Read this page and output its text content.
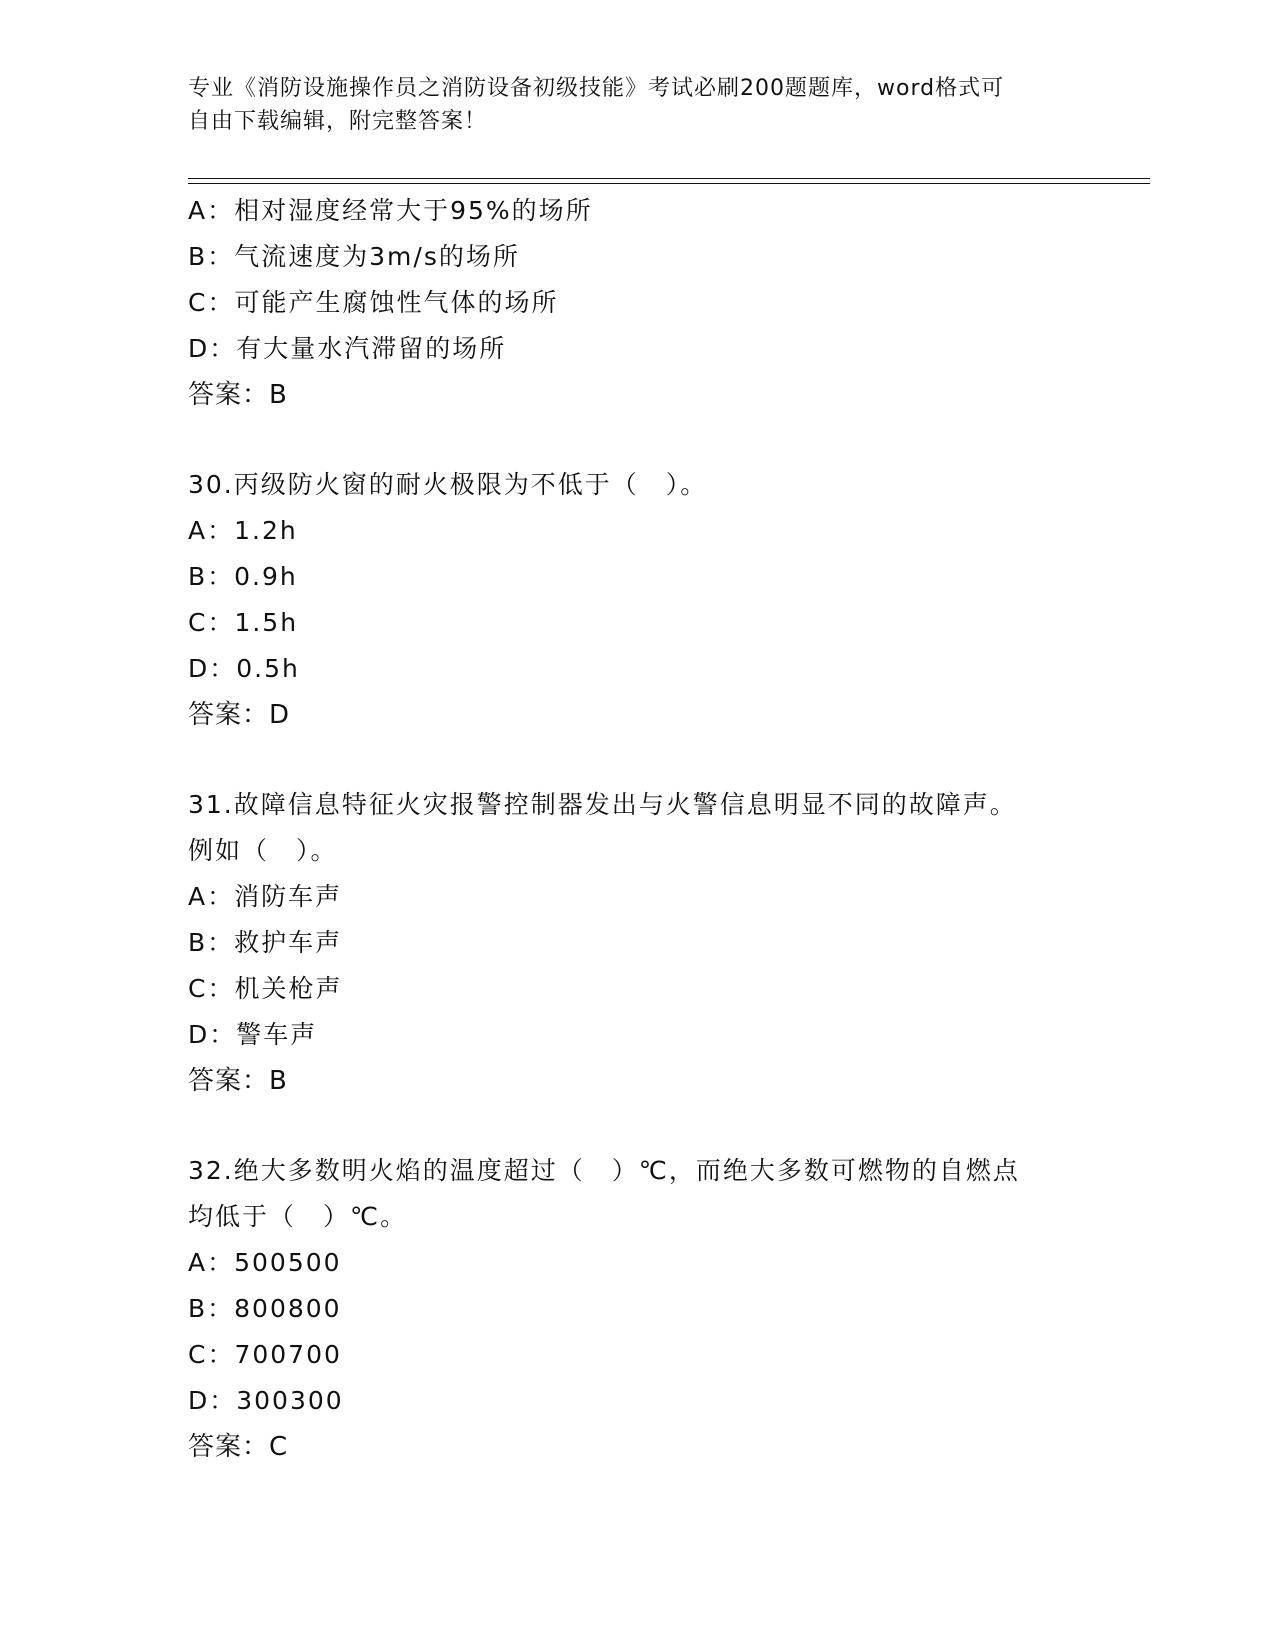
专业《消防设施操作员之消防设备初级技能》考试必刷200题题库，word格式可
自由下载编辑，附完整答案！
A：相对湿度经常大于95%的场所
B：气流速度为3m/s的场所
C：可能产生腐蚀性气体的场所
D：有大量水汽滞留的场所
答案：B
30.丙级防火窗的耐火极限为不低于（　）。
A：1.2h
B：0.9h
C：1.5h
D：0.5h
答案：D
31.故障信息特征火灾报警控制器发出与火警信息明显不同的故障声。
例如（　）。
A：消防车声
B：救护车声
C：机关枪声
D：警车声
答案：B
32.绝大多数明火焰的温度超过（　）℃，而绝大多数可燃物的自燃点
均低于（　）℃。
A：500500
B：800800
C：700700
D：300300
答案：C
